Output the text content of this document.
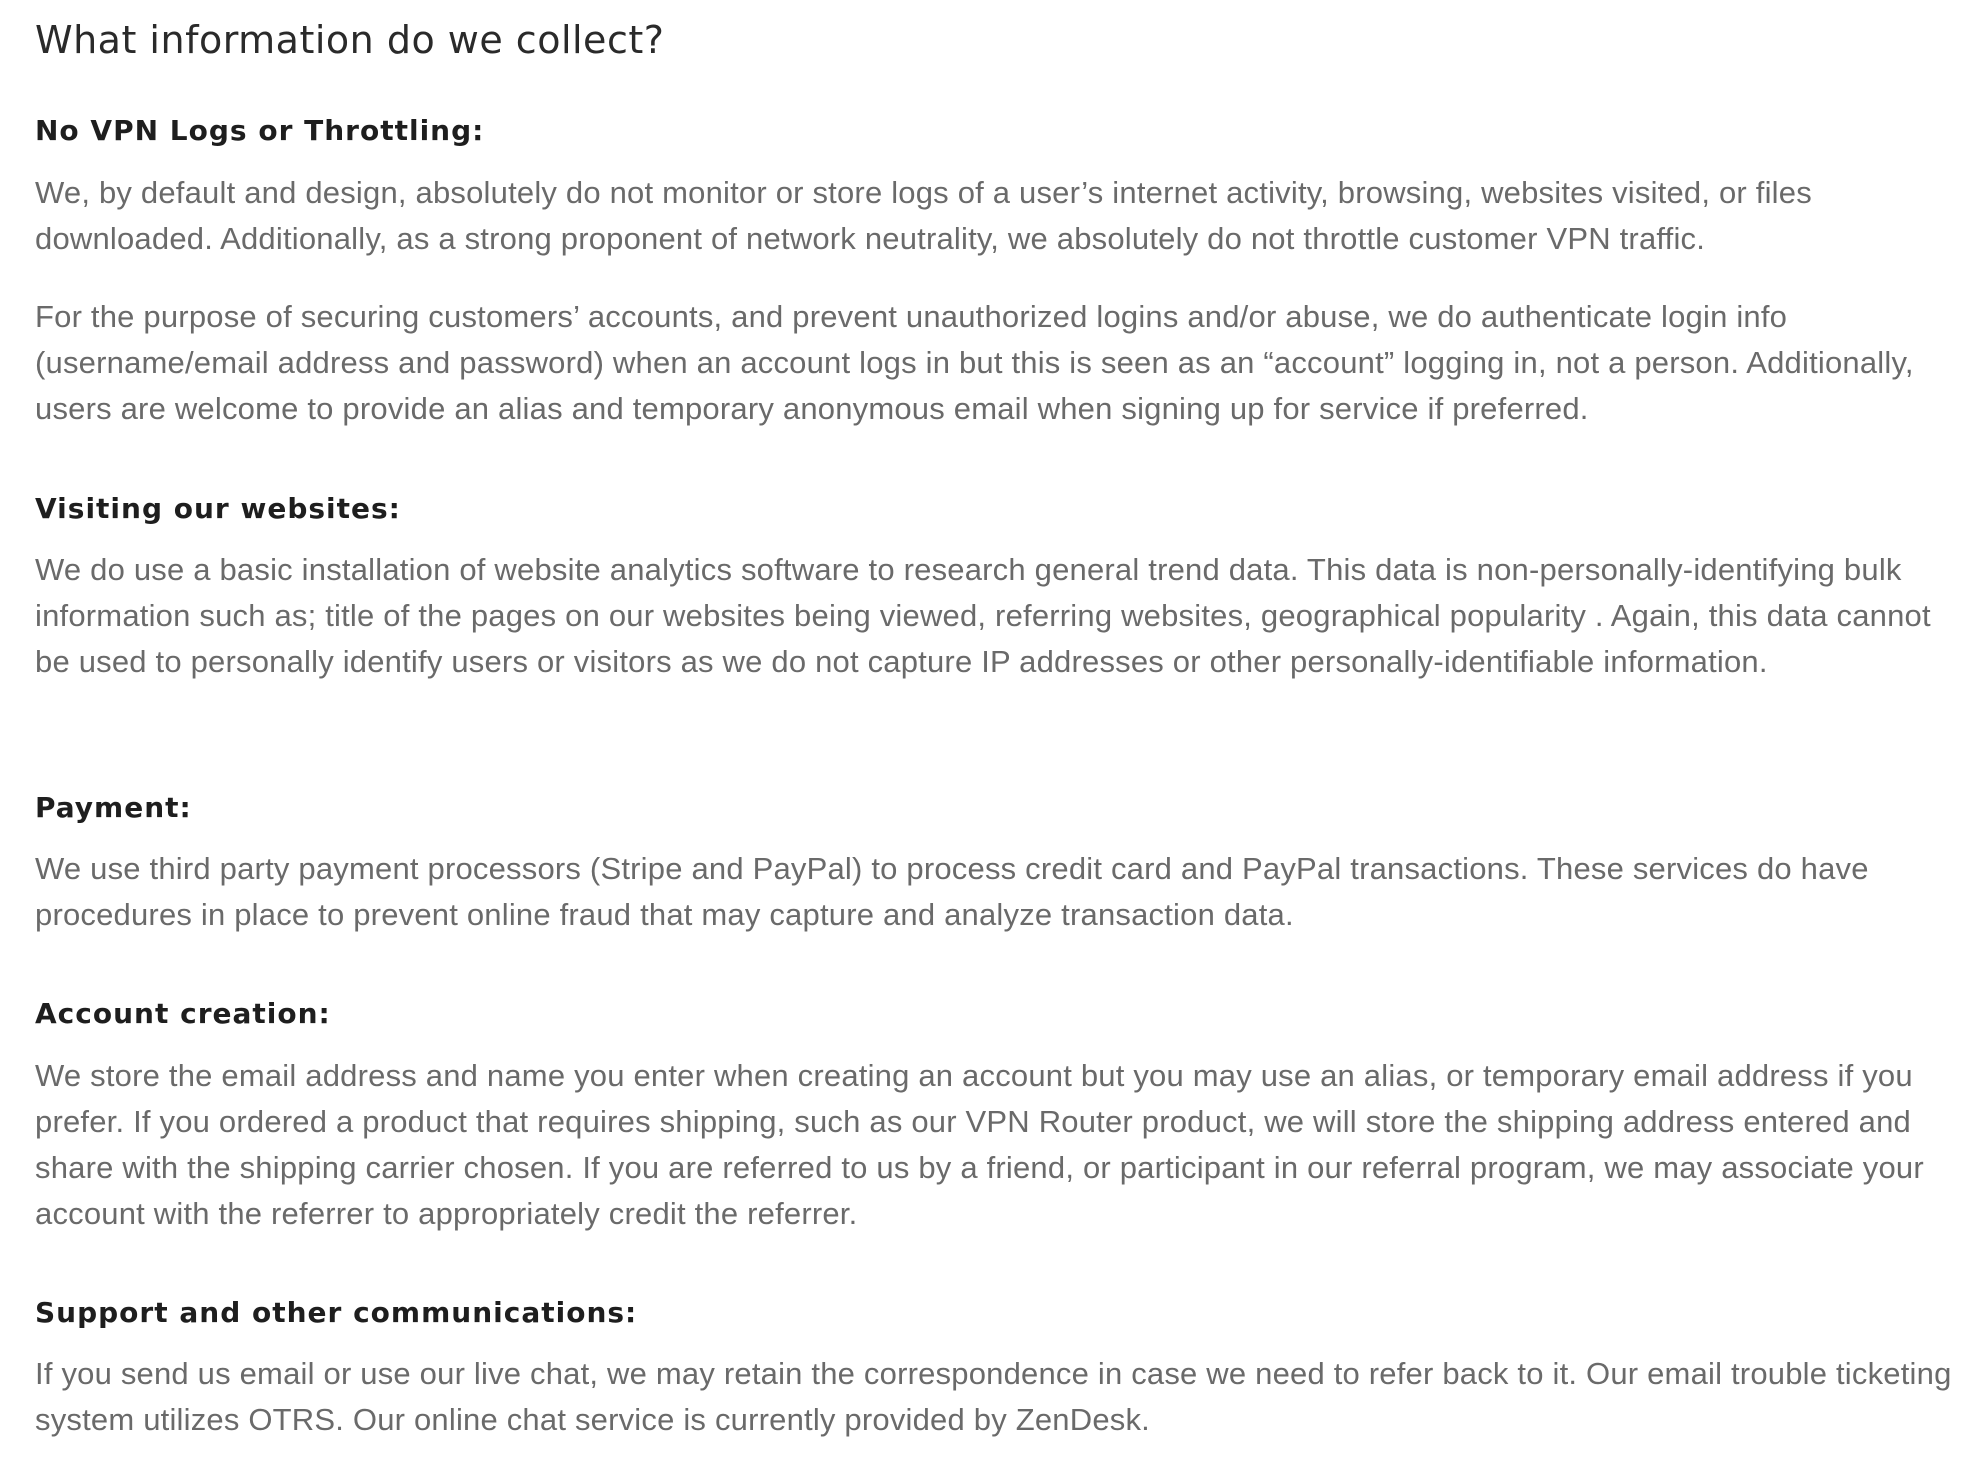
What information do we collect?
No VPN Logs or Throttling:

We, by default and design, absolutely do not monitor or store logs of a user’s internet activity, browsing, websites visited, or files downloaded. Additionally, as a strong proponent of network neutrality, we absolutely do not throttle customer VPN traffic.

For the purpose of securing customers’ accounts, and prevent unauthorized logins and/or abuse, we do authenticate login info (username/email address and password) when an account logs in but this is seen as an “account” logging in, not a person. Additionally, users are welcome to provide an alias and temporary anonymous email when signing up for service if preferred.

Visiting our websites:

We do use a basic installation of website analytics software to research general trend data. This data is non-personally-identifying bulk information such as; title of the pages on our websites being viewed, referring websites, geographical popularity . Again, this data cannot be used to personally identify users or visitors as we do not capture IP addresses or other personally-identifiable information.

Payment:

We use third party payment processors (Stripe and PayPal) to process credit card and PayPal transactions. These services do have procedures in place to prevent online fraud that may capture and analyze transaction data.

Account creation:

We store the email address and name you enter when creating an account but you may use an alias, or temporary email address if you prefer. If you ordered a product that requires shipping, such as our VPN Router product, we will store the shipping address entered and share with the shipping carrier chosen. If you are referred to us by a friend, or participant in our referral program, we may associate your account with the referrer to appropriately credit the referrer.

Support and other communications:

If you send us email or use our live chat, we may retain the correspondence in case we need to refer back to it. Our email trouble ticketing system utilizes OTRS. Our online chat service is currently provided by ZenDesk.
